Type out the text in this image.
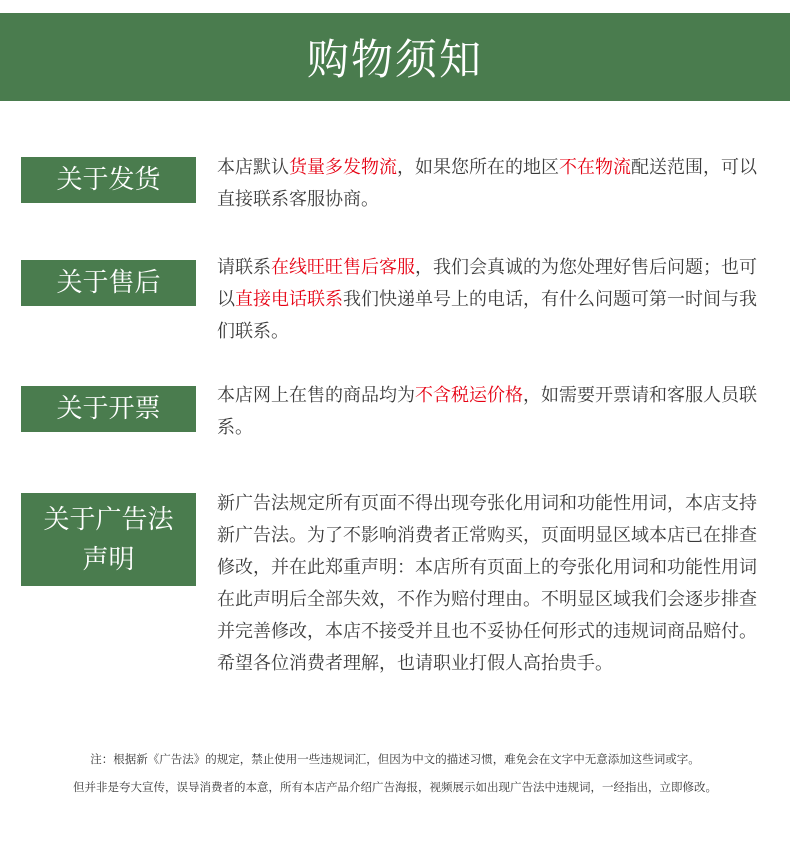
购物须知
关于发货	本店默认货量多发物流，如果您所在的地区不在物流配送范围，可以直接联系客服协商。
关于售后
请联系在线旺旺售后客服，我们会真诚的为您处理好售后问题；也可以直接电话联系我们快递单号上的电话，有什么问题可第一时间与我们联系。
关于开票	本店网上在售的商品均为不含税运价格，如需要开票请和客服人员联系。
关于广告法
声明
新广告法规定所有页面不得出现夸张化用词和功能性用词，本店支持新广告法。为了不影响消费者正常购买，页面明显区域本店已在排查修改，并在此郑重声明：本店所有页面上的夸张化用词和功能性用词在此声明后全部失效，不作为赔付理由。不明显区域我们会逐步排查并完善修改，本店不接受并且也不妥协任何形式的违规词商品赔付。希望各位消费者理解，也请职业打假人高抬贵手。
注：根据新《广告法》的规定，禁止使用一些违规词汇，但因为中文的描述习惯，难免会在文字中无意添加这些词或字。
但并非是夸大宣传，误导消费者的本意，所有本店产品介绍广告海报，视频展示如出现广告法中违规词，一经指出，立即修改。
